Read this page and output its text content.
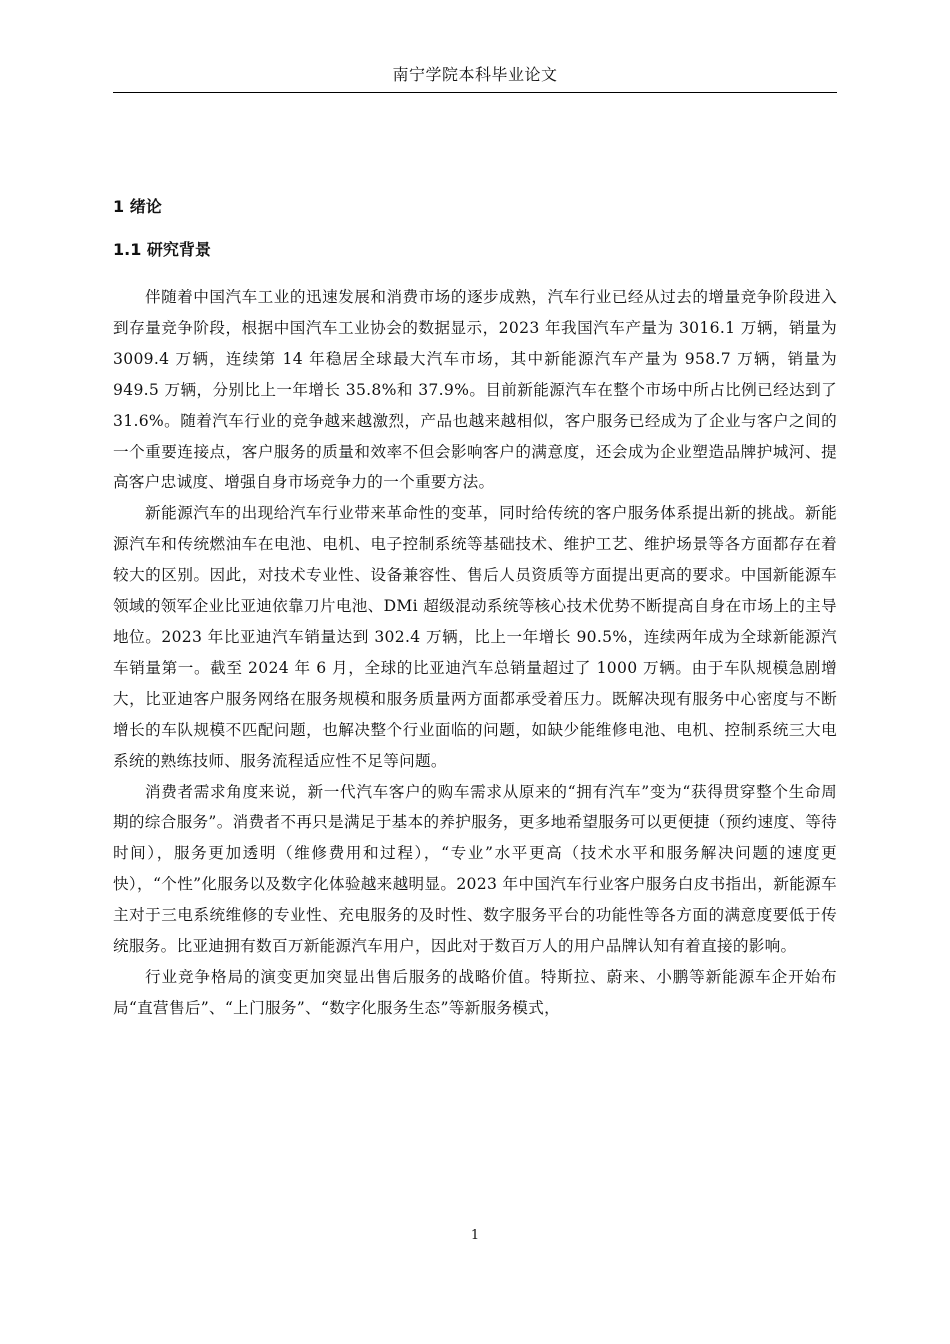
南宁学院本科毕业论文
1 绪论
1.1 研究背景

伴随着中国汽车工业的迅速发展和消费市场的逐步成熟，汽车行业已经从过去的增量竞争阶段进入到存量竞争阶段，根据中国汽车工业协会的数据显示，2023 年我国汽车产量为 3016.1 万辆，销量为 3009.4 万辆，连续第 14 年稳居全球最大汽车市场，其中新能源汽车产量为 958.7 万辆，销量为 949.5 万辆，分别比上一年增长 35.8%和 37.9%。目前新能源汽车在整个市场中所占比例已经达到了 31.6%。随着汽车行业的竞争越来越激烈，产品也越来越相似，客户服务已经成为了企业与客户之间的一个重要连接点，客户服务的质量和效率不但会影响客户的满意度，还会成为企业塑造品牌护城河、提高客户忠诚度、增强自身市场竞争力的一个重要方法。

新能源汽车的出现给汽车行业带来革命性的变革，同时给传统的客户服务体系提出新的挑战。新能源汽车和传统燃油车在电池、电机、电子控制系统等基础技术、维护工艺、维护场景等各方面都存在着较大的区别。因此，对技术专业性、设备兼容性、售后人员资质等方面提出更高的要求。中国新能源车领域的领军企业比亚迪依靠刀片电池、DMi 超级混动系统等核心技术优势不断提高自身在市场上的主导地位。2023 年比亚迪汽车销量达到 302.4 万辆，比上一年增长 90.5%，连续两年成为全球新能源汽车销量第一。截至 2024 年 6 月，全球的比亚迪汽车总销量超过了 1000 万辆。由于车队规模急剧增大，比亚迪客户服务网络在服务规模和服务质量两方面都承受着压力。既解决现有服务中心密度与不断增长的车队规模不匹配问题，也解决整个行业面临的问题，如缺少能维修电池、电机、控制系统三大电系统的熟练技师、服务流程适应性不足等问题。

消费者需求角度来说，新一代汽车客户的购车需求从原来的“拥有汽车”变为“获得贯穿整个生命周期的综合服务”。消费者不再只是满足于基本的养护服务，更多地希望服务可以更便捷（预约速度、等待时间），服务更加透明（维修费用和过程），“专业”水平更高（技术水平和服务解决问题的速度更快），“个性”化服务以及数字化体验越来越明显。2023 年中国汽车行业客户服务白皮书指出，新能源车主对于三电系统维修的专业性、充电服务的及时性、数字服务平台的功能性等各方面的满意度要低于传统服务。比亚迪拥有数百万新能源汽车用户，因此对于数百万人的用户品牌认知有着直接的影响。

行业竞争格局的演变更加突显出售后服务的战略价值。特斯拉、蔚来、小鹏等新能源车企开始布局“直营售后”、“上门服务”、“数字化服务生态”等新服务模式，

1
